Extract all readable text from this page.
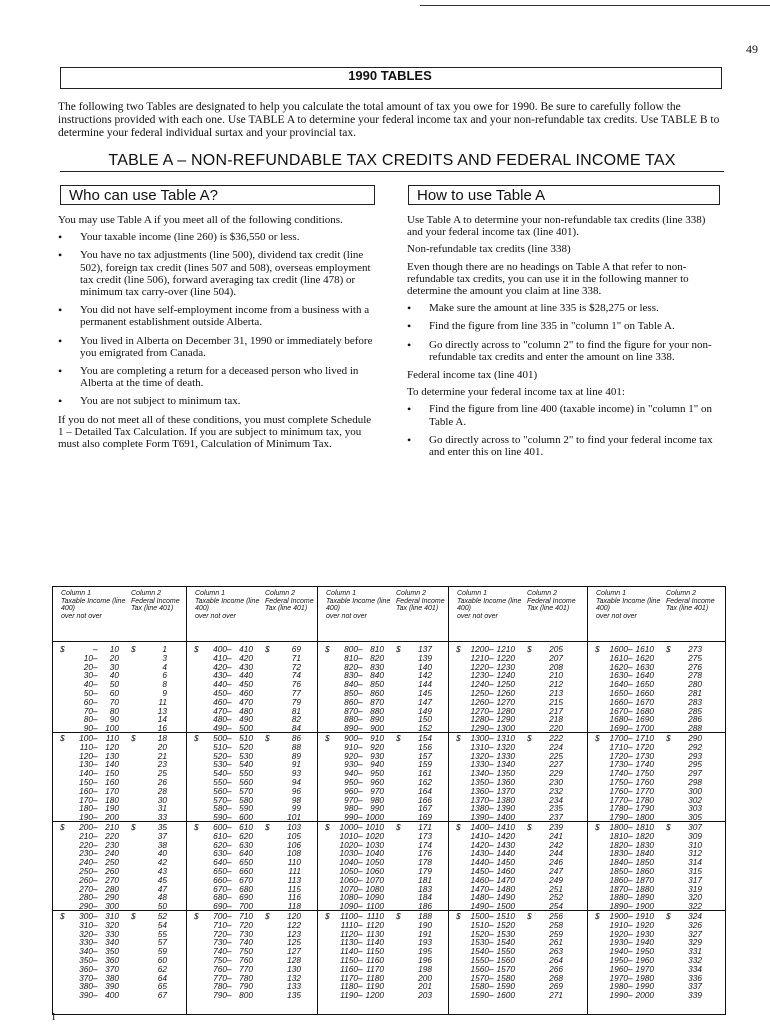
49
1990 TABLES
The following two Tables are designated to help you calculate the total amount of tax you owe for 1990. Be sure to carefully follow the instructions provided with each one. Use TABLE A to determine your federal income tax and your non-refundable tax credits. Use TABLE B to determine your federal individual surtax and your provincial tax.
TABLE A – NON-REFUNDABLE TAX CREDITS AND FEDERAL INCOME TAX
Who can use Table A?

You may use Table A if you meet all of the following conditions.

• Your taxable income (line 260) is $36,550 or less.
• You have no tax adjustments (line 500), dividend tax credit (line 502), foreign tax credit (lines 507 and 508), overseas employment tax credit (line 506), forward averaging tax credit (line 478) or minimum tax carry-over (line 504).
• You did not have self-employment income from a business with a permanent establishment outside Alberta.
• You lived in Alberta on December 31, 1990 or immediately before you emigrated from Canada.
• You are completing a return for a deceased person who lived in Alberta at the time of death.
• You are not subject to minimum tax.

If you do not meet all of these conditions, you must complete Schedule 1 – Detailed Tax Calculation. If you are subject to minimum tax, you must also complete Form T691, Calculation of Minimum Tax.

How to use Table A

Use Table A to determine your non-refundable tax credits (line 338) and your federal income tax (line 401).

Non-refundable tax credits (line 338)

Even though there are no headings on Table A that refer to non-refundable tax credits, you can use it in the following manner to determine the amount you claim at line 338.

• Make sure the amount at line 335 is $28,275 or less.
• Find the figure from line 335 in "column 1" on Table A.
• Go directly across to "column 2" to find the figure for your non-refundable tax credits and enter the amount on line 338.

Federal income tax (line 401)

To determine your federal income tax at line 401:

• Find the figure from line 400 (taxable income) in "column 1" on Table A.
• Go directly across to "column 2" to find your federal income tax and enter this on line 401.
Column 1
Taxable Income (line 400)
over not over
Column 2
Federal Income Tax (line 401)
$	–	10 $	1
10 –	20	3
20 –	30	4
30 –	40	6
40 –	50	8
50 –	60	9
60 –	70	11
70 –	80	13
80 –	90	14
90 – 100	16
$	100 – 110 $	18
110 – 120	20
120 – 130	21
130 – 140	23
140 – 150	25
150 – 160	26
160 – 170	28
170 – 180	30
180 – 190	31
190 – 200	33
$	200 – 210 $	35
210 – 220	37
220 – 230	38
230 – 240	40
240 – 250	42
250 – 260	43
260 – 270	45
270 – 280	47
280 – 290	48
290 – 300	50
$	300 – 310 $	52
310 – 320	54
320 – 330	55
330 – 340	57
340 – 350	59
350 – 360	60
360 – 370	62
370 – 380	64
380 – 390	65
390 – 400	67
Column 1
Taxable Income (line 400)
over not over
Column 2
Federal Income Tax (line 401)
$	400 – 410 $	69
410 – 420	71
420 – 430	72
430 – 440	74
440 – 450	76
450 – 460	77
460 – 470	79
470 – 480	81
480 – 490	82
490 – 500	84
$	500 – 510 $	86
510 – 520	88
520 – 530	89
530 – 540	91
540 – 550	93
550 – 560	94
560 – 570	96
570 – 580	98
580 – 590	99
590 – 600	101
$	600 – 610 $	103
610 – 620	105
620 – 630	106
630 – 640	108
640 – 650	110
650 – 660	111
660 – 670	113
670 – 680	115
680 – 690	116
690 – 700	118
$	700 – 710 $	120
710 – 720	122
720 – 730	123
730 – 740	125
740 – 750	127
750 – 760	128
760 – 770	130
770 – 780	132
780 – 790	133
790 – 800	135
Column 1
Taxable Income (line 400)
over not over
Column 2
Federal Income Tax (line 401)
$	800 – 810 $	137
810 – 820	139
820 – 830	140
830 – 840	142
840 – 850	144
850 – 860	145
860 – 870	147
870 – 880	149
880 – 890	150
890 – 900	152
$	900 – 910 $	154
910 – 920	156
920 – 930	157
930 – 940	159
940 – 950	161
950 – 960	162
960 – 970	164
970 – 980	166
980 – 990	167
990 – 1000	169
$	1000 – 1010 $	171
1010 – 1020	173
1020 – 1030	174
1030 – 1040	176
1040 – 1050	178
1050 – 1060	179
1060 – 1070	181
1070 – 1080	183
1080 – 1090	184
1090 – 1100	186
$	1100 – 1110 $	188
1110 – 1120	190
1120 – 1130	191
1130 – 1140	193
1140 – 1150	195
1150 – 1160	196
1160 – 1170	198
1170 – 1180	200
1180 – 1190	201
1190 – 1200	203
Column 1
Taxable Income (line 400)
over not over
Column 2
Federal Income Tax (line 401)
$	1200 – 1210 $	205
1210 – 1220	207
1220 – 1230	208
1230 – 1240	210
1240 – 1250	212
1250 – 1260	213
1260 – 1270	215
1270 – 1280	217
1280 – 1290	218
1290 – 1300	220
$	1300 – 1310 $	222
1310 – 1320	224
1320 – 1330	225
1330 – 1340	227
1340 – 1350	229
1350 – 1360	230
1360 – 1370	232
1370 – 1380	234
1380 – 1390	235
1390 – 1400	237
$	1400 – 1410 $	239
1410 – 1420	241
1420 – 1430	242
1430 – 1440	244
1440 – 1450	246
1450 – 1460	247
1460 – 1470	249
1470 – 1480	251
1480 – 1490	252
1490 – 1500	254
$	1500 – 1510 $	256
1510 – 1520	258
1520 – 1530	259
1530 – 1540	261
1540 – 1550	263
1550 – 1560	264
1560 – 1570	266
1570 – 1580	268
1580 – 1590	269
1590 – 1600	271
Column 1
Taxable Income (line 400)
over not over
Column 2
Federal Income Tax (line 401)
$	1600 – 1610 $	273
1610 – 1620	275
1620 – 1630	276
1630 – 1640	278
1640 – 1650	280
1650 – 1660	281
1660 – 1670	283
1670 – 1680	285
1680 – 1690	286
1690 – 1700	288
$	1700 – 1710 $	290
1710 – 1720	292
1720 – 1730	293
1730 – 1740	295
1740 – 1750	297
1750 – 1760	298
1760 – 1770	300
1770 – 1780	302
1780 – 1790	303
1790 – 1800	305
$	1800 – 1810 $	307
1810 – 1820	309
1820 – 1830	310
1830 – 1840	312
1840 – 1850	314
1850 – 1860	315
1860 – 1870	317
1870 – 1880	319
1880 – 1890	320
1890 – 1900	322
$	1900 – 1910 $	324
1910 – 1920	326
1920 – 1930	327
1930 – 1940	329
1940 – 1950	331
1950 – 1960	332
1960 – 1970	334
1970 – 1980	336
1980 – 1990	337
1990 – 2000	339
I
